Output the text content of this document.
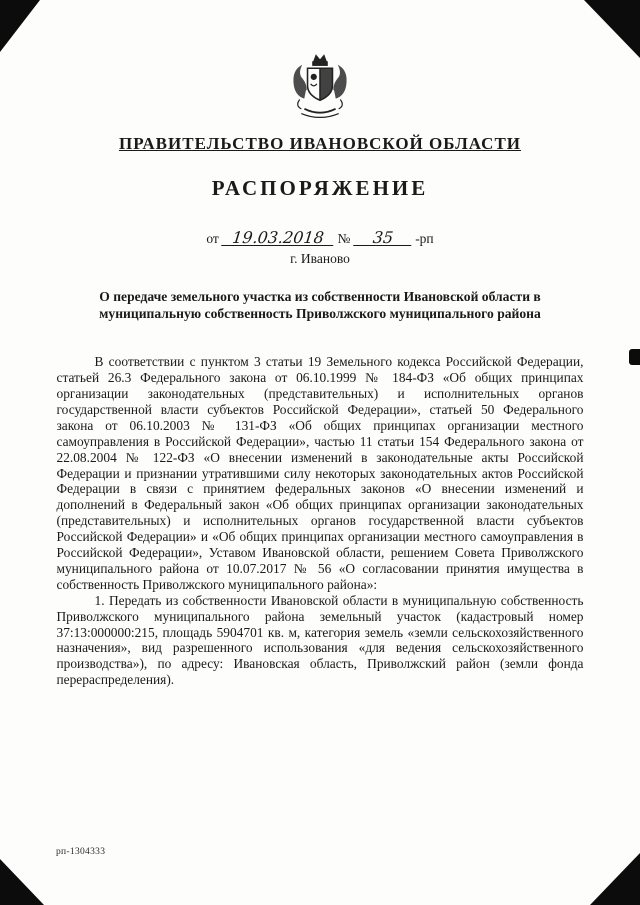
ПРАВИТЕЛЬСТВО ИВАНОВСКОЙ ОБЛАСТИ
РАСПОРЯЖЕНИЕ
от 19.03.2018 № 35 -рп
г. Иваново
О передаче земельного участка из собственности Ивановской области в муниципальную собственность Приволжского муниципального района

В соответствии с пунктом 3 статьи 19 Земельного кодекса Российской Федерации, статьей 26.3 Федерального закона от 06.10.1999 № 184-ФЗ «Об общих принципах организации законодательных (представительных) и исполнительных органов государственной власти субъектов Российской Федерации», статьей 50 Федерального закона от 06.10.2003 № 131-ФЗ «Об общих принципах организации местного самоуправления в Российской Федерации», частью 11 статьи 154 Федерального закона от 22.08.2004 № 122-ФЗ «О внесении изменений в законодательные акты Российской Федерации и признании утратившими силу некоторых законодательных актов Российской Федерации в связи с принятием федеральных законов «О внесении изменений и дополнений в Федеральный закон «Об общих принципах организации законодательных (представительных) и исполнительных органов государственной власти субъектов Российской Федерации» и «Об общих принципах организации местного самоуправления в Российской Федерации», Уставом Ивановской области, решением Совета Приволжского муниципального района от 10.07.2017 № 56 «О согласовании принятия имущества в собственность Приволжского муниципального района»:

1. Передать из собственности Ивановской области в муниципальную собственность Приволжского муниципального района земельный участок (кадастровый номер 37:13:000000:215, площадь 5904701 кв. м, категория земель «земли сельскохозяйственного назначения», вид разрешенного использования «для ведения сельскохозяйственного производства»), по адресу: Ивановская область, Приволжский район (земли фонда перераспределения).

рп-1304333
